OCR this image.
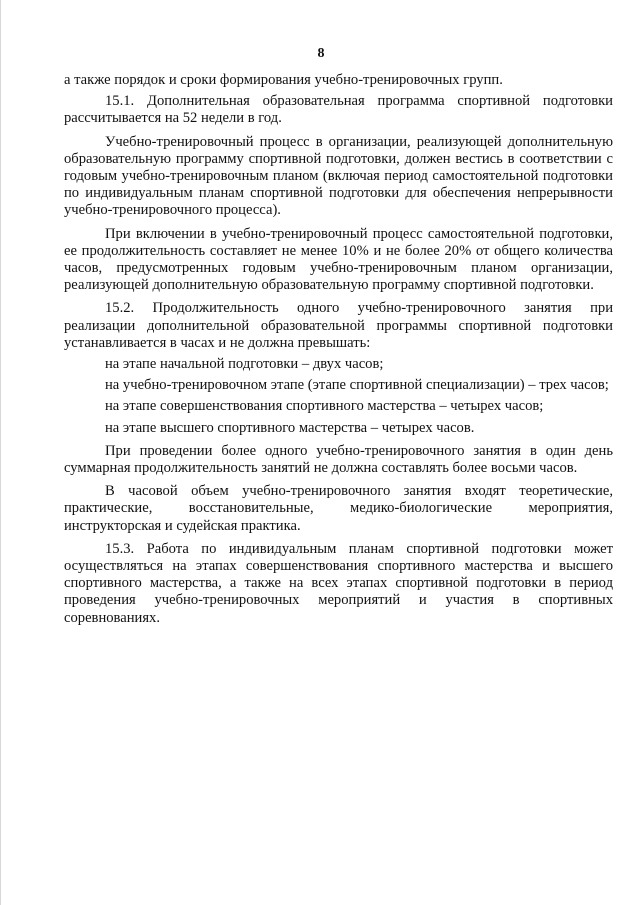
8

а также порядок и сроки формирования учебно-тренировочных групп.

15.1. Дополнительная образовательная программа спортивной подготовки рассчитывается на 52 недели в год.

Учебно-тренировочный процесс в организации, реализующей дополнительную образовательную программу спортивной подготовки, должен вестись в соответствии с годовым учебно-тренировочным планом (включая период самостоятельной подготовки по индивидуальным планам спортивной подготовки для обеспечения непрерывности учебно-тренировочного процесса).

При включении в учебно-тренировочный процесс самостоятельной подготовки, ее продолжительность составляет не менее 10% и не более 20% от общего количества часов, предусмотренных годовым учебно-тренировочным планом организации, реализующей дополнительную образовательную программу спортивной подготовки.

15.2. Продолжительность одного учебно-тренировочного занятия при реализации дополнительной образовательной программы спортивной подготовки устанавливается в часах и не должна превышать:

на этапе начальной подготовки – двух часов;

на учебно-тренировочном этапе (этапе спортивной специализации) – трех часов;

на этапе совершенствования спортивного мастерства – четырех часов;

на этапе высшего спортивного мастерства – четырех часов.

При проведении более одного учебно-тренировочного занятия в один день суммарная продолжительность занятий не должна составлять более восьми часов.

В часовой объем учебно-тренировочного занятия входят теоретические, практические, восстановительные, медико-биологические мероприятия, инструкторская и судейская практика.

15.3. Работа по индивидуальным планам спортивной подготовки может осуществляться на этапах совершенствования спортивного мастерства и высшего спортивного мастерства, а также на всех этапах спортивной подготовки в период проведения учебно-тренировочных мероприятий и участия в спортивных соревнованиях.
